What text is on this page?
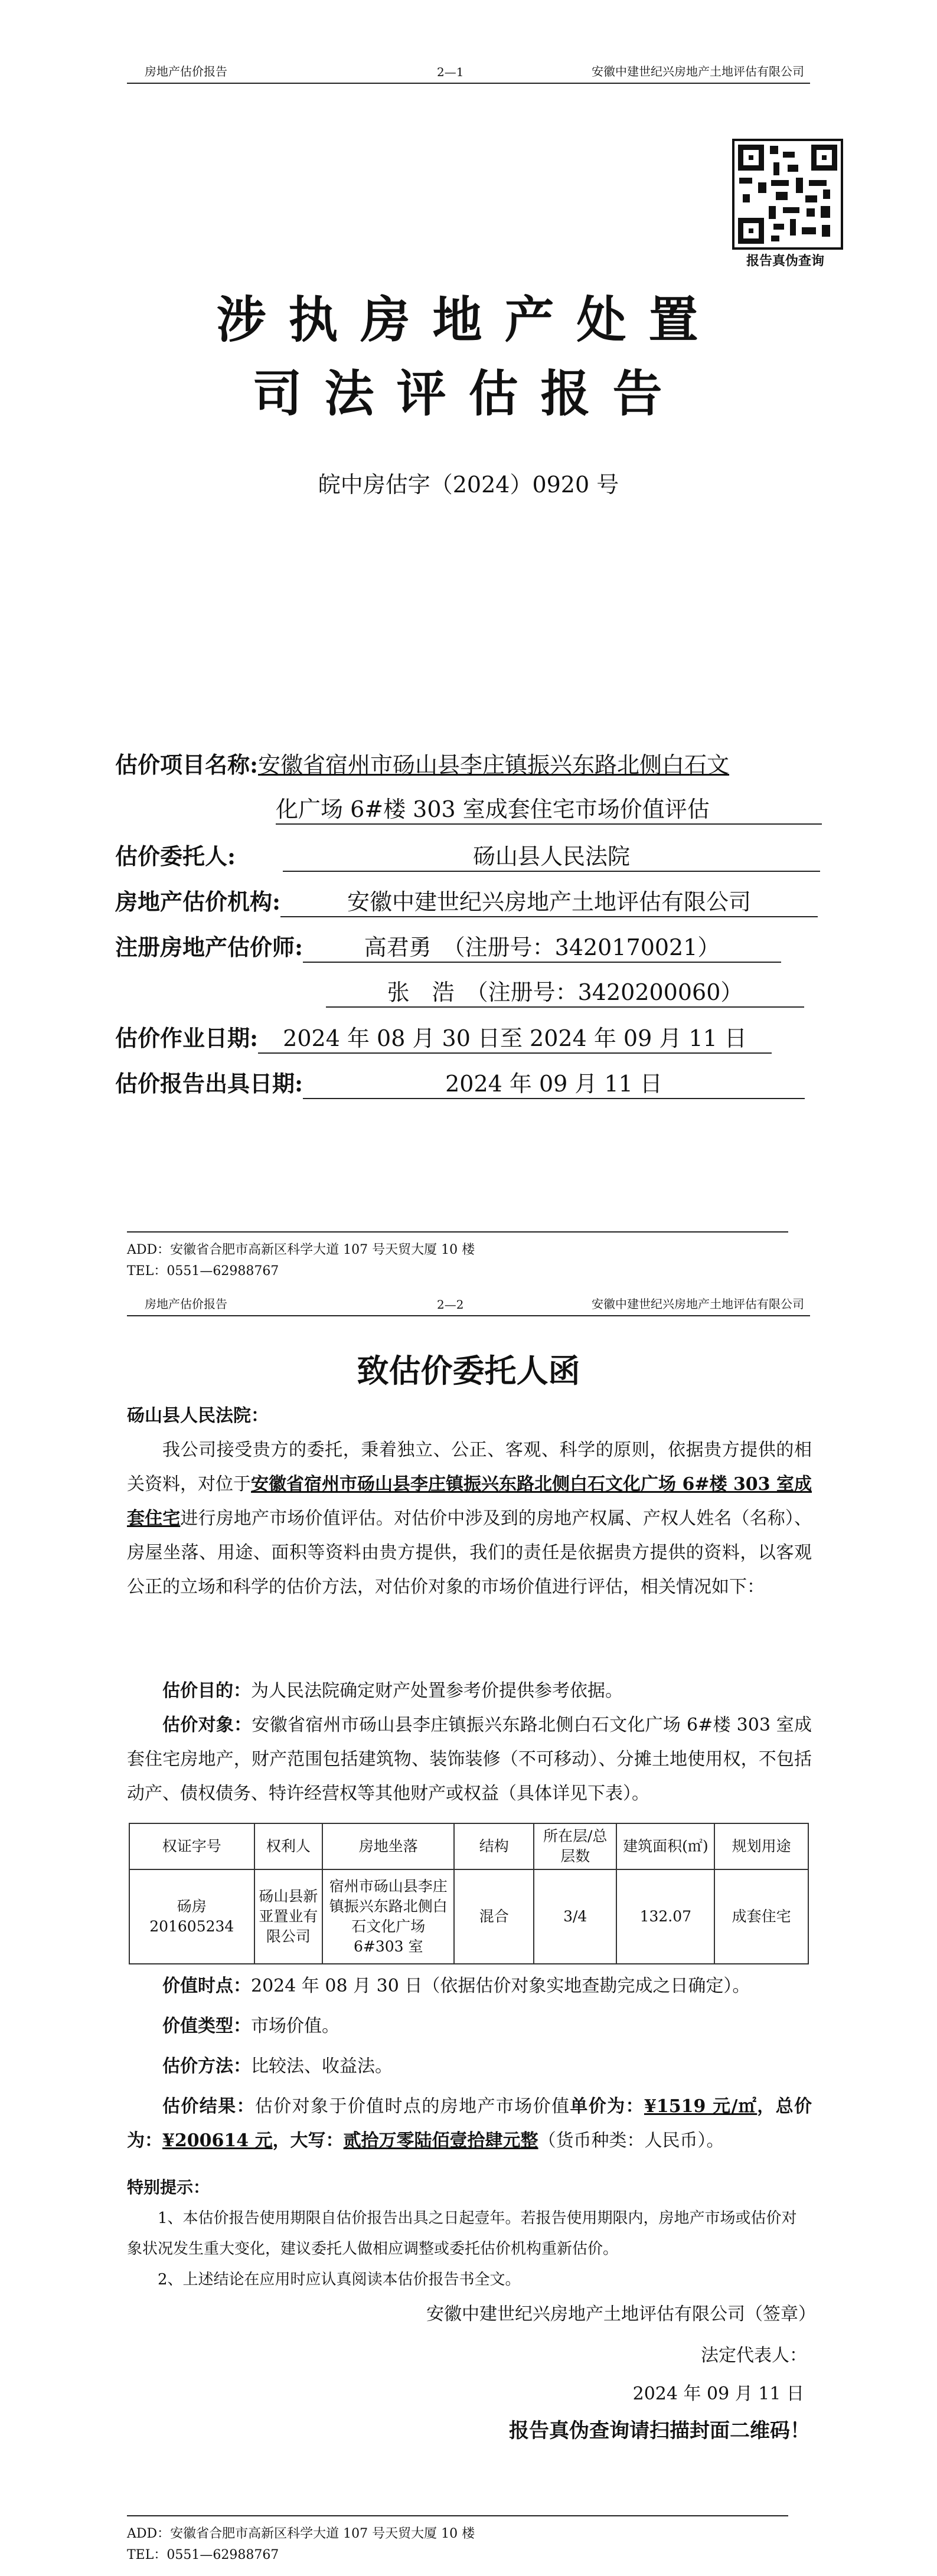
房地产估价报告	2—1	安徽中建世纪兴房地产土地评估有限公司
报告真伪查询
涉执房地产处置
司法评估报告
皖中房估字（2024）0920 号
估价项目名称:安徽省宿州市砀山县李庄镇振兴东路北侧白石文
化广场 6#楼 303 室成套住宅市场价值评估
估价委托人:	砀山县人民法院
房地产估价机构:	安徽中建世纪兴房地产土地评估有限公司
注册房地产估价师:	高君勇　（注册号：3420170021）
张　浩　（注册号：3420200060）
估价作业日期: 2024 年 08 月 30 日至 2024 年 09 月 11 日
估价报告出具日期:	2024 年 09 月 11 日
ADD：安徽省合肥市高新区科学大道 107 号天贸大厦 10 楼
TEL：0551—62988767
房地产估价报告	2—2	安徽中建世纪兴房地产土地评估有限公司
致估价委托人函
砀山县人民法院：
我公司接受贵方的委托，秉着独立、公正、客观、科学的原则，依据贵方提供的相关资料，对位于安徽省宿州市砀山县李庄镇振兴东路北侧白石文化广场 6#楼 303 室成套住宅进行房地产市场价值评估。对估价中涉及到的房地产权属、产权人姓名（名称）、房屋坐落、用途、面积等资料由贵方提供，我们的责任是依据贵方提供的资料，以客观公正的立场和科学的估价方法，对估价对象的市场价值进行评估，相关情况如下：
估价目的：为人民法院确定财产处置参考价提供参考依据。
估价对象：安徽省宿州市砀山县李庄镇振兴东路北侧白石文化广场 6#楼 303 室成套住宅房地产，财产范围包括建筑物、装饰装修（不可移动）、分摊土地使用权，不包括动产、债权债务、特许经营权等其他财产或权益（具体详见下表）。
权证字号	权利人	房地坐落	结构	所在层/总层数	建筑面积(㎡)	规划用途
砀房 201605234	砀山县新亚置业有限公司	宿州市砀山县李庄镇振兴东路北侧白石文化广场 6#303 室	混合	3/4	132.07	成套住宅
价值时点：2024 年 08 月 30 日（依据估价对象实地查勘完成之日确定）。
价值类型：市场价值。
估价方法：比较法、收益法。
估价结果：估价对象于价值时点的房地产市场价值单价为：¥1519 元/㎡，总价为：¥200614 元，大写：贰拾万零陆佰壹拾肆元整（货币种类：人民币）。
特别提示：
1、本估价报告使用期限自估价报告出具之日起壹年。若报告使用期限内，房地产市场或估价对象状况发生重大变化，建议委托人做相应调整或委托估价机构重新估价。
2、上述结论在应用时应认真阅读本估价报告书全文。
安徽中建世纪兴房地产土地评估有限公司（签章）
法定代表人：
2024 年 09 月 11 日
报告真伪查询请扫描封面二维码！
ADD：安徽省合肥市高新区科学大道 107 号天贸大厦 10 楼
TEL：0551—62988767
